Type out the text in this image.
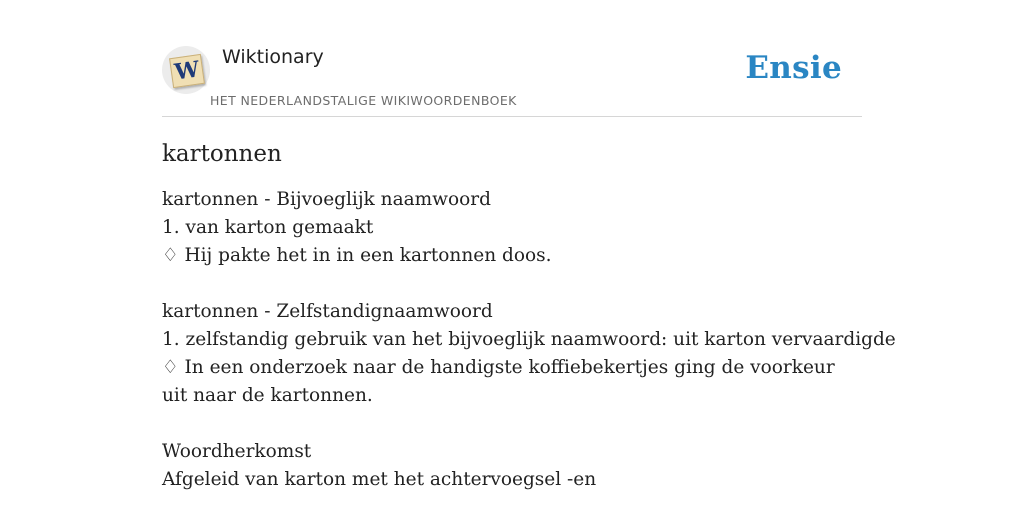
W Wiktionary
HET NEDERLANDSTALIGE WIKIWOORDENBOEK
Ensie
kartonnen
kartonnen - Bijvoeglijk naamwoord
1. van karton gemaakt
♢ Hij pakte het in in een kartonnen doos.
kartonnen - Zelfstandignaamwoord
1. zelfstandig gebruik van het bijvoeglijk naamwoord: uit karton vervaardigde
♢ In een onderzoek naar de handigste koffiebekertjes ging de voorkeur uit naar de kartonnen.
Woordherkomst
Afgeleid van karton met het achtervoegsel -en
